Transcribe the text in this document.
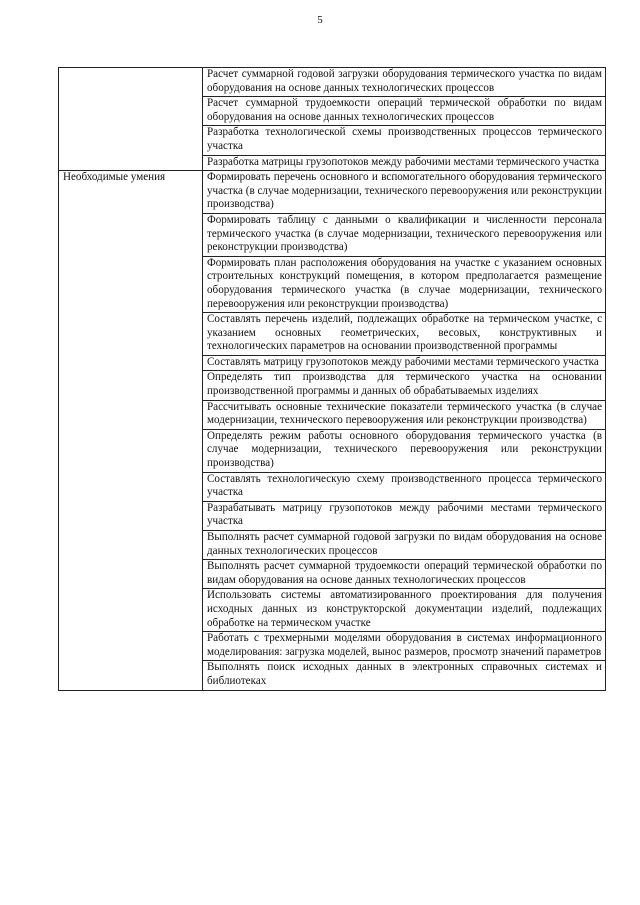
5

	Расчет суммарной годовой загрузки оборудования термического участка по видам оборудования на основе данных технологических процессов

	Расчет суммарной трудоемкости операций термической обработки по видам оборудования на основе данных технологических процессов

	Разработка технологической схемы производственных процессов термического участка

	Разработка матрицы грузопотоков между рабочими местами термического участка

Необходимые умения	Формировать перечень основного и вспомогательного оборудования термического участка (в случае модернизации, технического перевооружения или реконструкции производства)

	Формировать таблицу с данными о квалификации и численности персонала термического участка (в случае модернизации, технического перевооружения или реконструкции производства)

	Формировать план расположения оборудования на участке с указанием основных строительных конструкций помещения, в котором предполагается размещение оборудования термического участка (в случае модернизации, технического перевооружения или реконструкции производства)

	Составлять перечень изделий, подлежащих обработке на термическом участке, с указанием основных геометрических, весовых, конструктивных и технологических параметров на основании производственной программы

	Составлять матрицу грузопотоков между рабочими местами термического участка

	Определять тип производства для термического участка на основании производственной программы и данных об обрабатываемых изделиях

	Рассчитывать основные технические показатели термического участка (в случае модернизации, технического перевооружения или реконструкции производства)

	Определять режим работы основного оборудования термического участка (в случае модернизации, технического перевооружения или реконструкции производства)

	Составлять технологическую схему производственного процесса термического участка

	Разрабатывать матрицу грузопотоков между рабочими местами термического участка

	Выполнять расчет суммарной годовой загрузки по видам оборудования на основе данных технологических процессов

	Выполнять расчет суммарной трудоемкости операций термической обработки по видам оборудования на основе данных технологических процессов

	Использовать системы автоматизированного проектирования для получения исходных данных из конструкторской документации изделий, подлежащих обработке на термическом участке

	Работать с трехмерными моделями оборудования в системах информационного моделирования: загрузка моделей, вынос размеров, просмотр значений параметров

	Выполнять поиск исходных данных в электронных справочных системах и библиотеках
